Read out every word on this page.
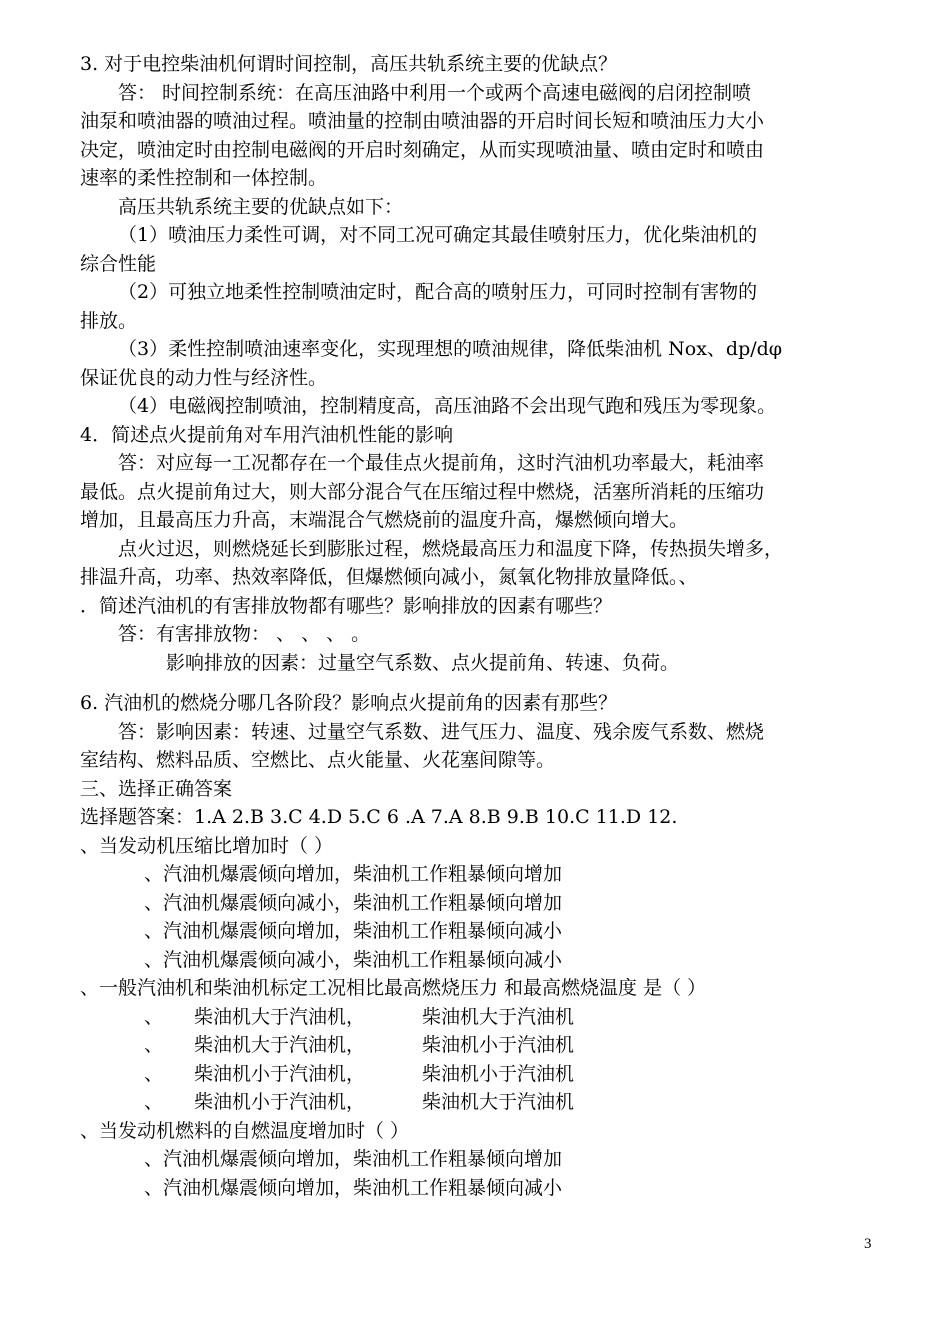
3. 对于电控柴油机何谓时间控制，高压共轨系统主要的优缺点？
答： 时间控制系统：在高压油路中利用一个或两个高速电磁阀的启闭控制喷
油泵和喷油器的喷油过程。喷油量的控制由喷油器的开启时间长短和喷油压力大小
决定，喷油定时由控制电磁阀的开启时刻确定，从而实现喷油量、喷由定时和喷由
速率的柔性控制和一体控制。
高压共轨系统主要的优缺点如下：
（1）喷油压力柔性可调，对不同工况可确定其最佳喷射压力，优化柴油机的
综合性能
（2）可独立地柔性控制喷油定时，配合高的喷射压力，可同时控制有害物的
排放。
（3）柔性控制喷油速率变化，实现理想的喷油规律，降低柴油机 Nox、dp/dφ
保证优良的动力性与经济性。
（4）电磁阀控制喷油，控制精度高，高压油路不会出现气跑和残压为零现象。
4．简述点火提前角对车用汽油机性能的影响
答：对应每一工况都存在一个最佳点火提前角，这时汽油机功率最大，耗油率
最低。点火提前角过大，则大部分混合气在压缩过程中燃烧，活塞所消耗的压缩功
增加，且最高压力升高，末端混合气燃烧前的温度升高，爆燃倾向增大。
点火过迟，则燃烧延长到膨胀过程，燃烧最高压力和温度下降，传热损失增多，
排温升高，功率、热效率降低，但爆燃倾向减小，氮氧化物排放量降低。、
．简述汽油机的有害排放物都有哪些？影响排放的因素有哪些？
答：有害排放物： 、 、 、 。
影响排放的因素：过量空气系数、点火提前角、转速、负荷。
6. 汽油机的燃烧分哪几各阶段？影响点火提前角的因素有那些？
答：影响因素：转速、过量空气系数、进气压力、温度、残余废气系数、燃烧
室结构、燃料品质、空燃比、点火能量、火花塞间隙等。
三、选择正确答案
选择题答案：1.A 2.B 3.C 4.D 5.C 6 .A 7.A 8.B 9.B 10.C 11.D 12.
、当发动机压缩比增加时（ ）
、汽油机爆震倾向增加，柴油机工作粗暴倾向增加
、汽油机爆震倾向减小，柴油机工作粗暴倾向增加
、汽油机爆震倾向增加，柴油机工作粗暴倾向减小
、汽油机爆震倾向减小，柴油机工作粗暴倾向减小
、一般汽油机和柴油机标定工况相比最高燃烧压力 和最高燃烧温度 是（ ）
、 柴油机大于汽油机，	柴油机大于汽油机
、 柴油机大于汽油机，	柴油机小于汽油机
、 柴油机小于汽油机，	柴油机小于汽油机
、 柴油机小于汽油机，	柴油机大于汽油机
、当发动机燃料的自燃温度增加时（ ）
、汽油机爆震倾向增加，柴油机工作粗暴倾向增加
、汽油机爆震倾向增加，柴油机工作粗暴倾向减小
3
